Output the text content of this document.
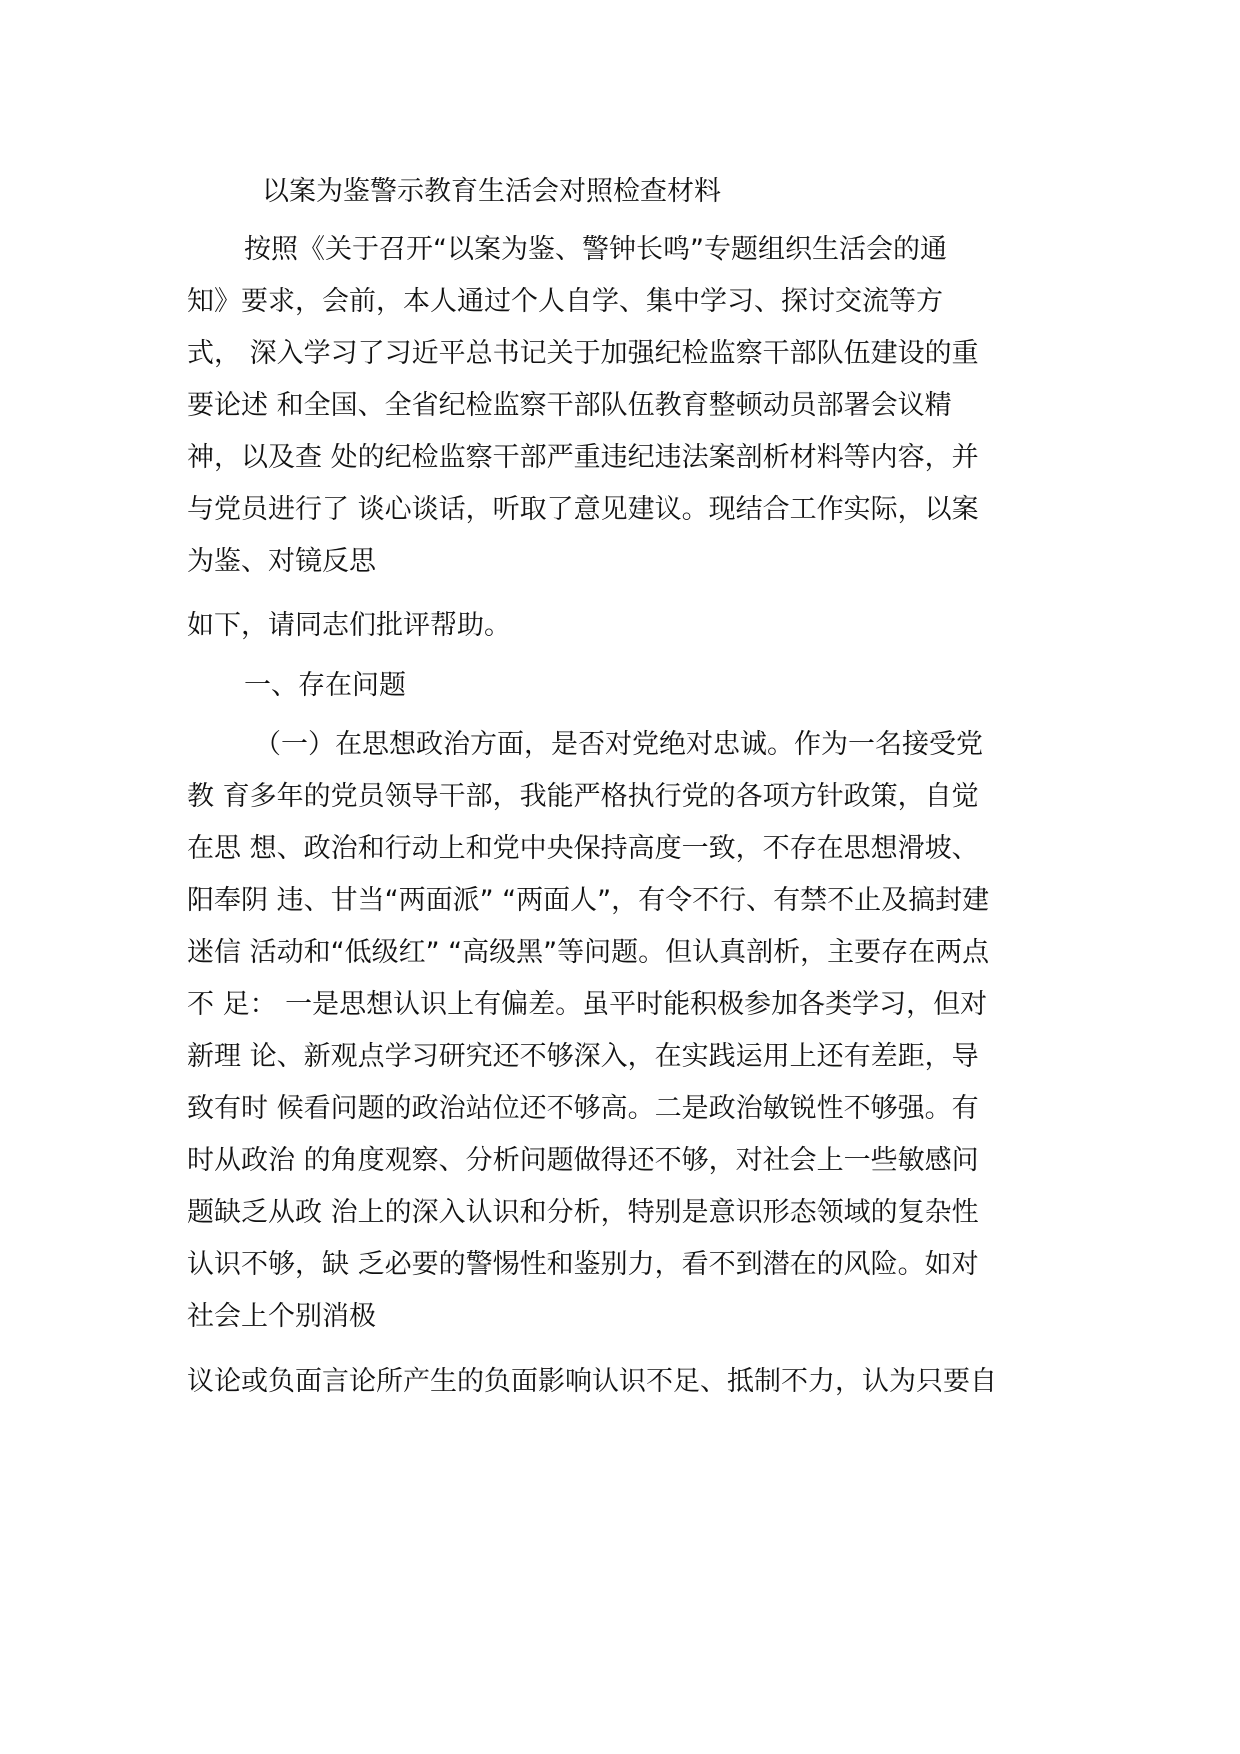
以案为鉴警示教育生活会对照检查材料

按照《关于召开“以案为鉴、警钟长鸣”专题组织生活会的通

知》要求，会前，本人通过个人自学、集中学习、探讨交流等方

式， 深入学习了习近平总书记关于加强纪检监察干部队伍建设的重

要论述 和全国、全省纪检监察干部队伍教育整顿动员部署会议精

神，以及查 处的纪检监察干部严重违纪违法案剖析材料等内容，并

与党员进行了 谈心谈话，听取了意见建议。现结合工作实际，以案

为鉴、对镜反思

如下，请同志们批评帮助。

一、存在问题

（一）在思想政治方面，是否对党绝对忠诚。作为一名接受党

教 育多年的党员领导干部，我能严格执行党的各项方针政策，自觉

在思 想、政治和行动上和党中央保持高度一致，不存在思想滑坡、

阳奉阴 违、甘当“两面派” “两面人”，有令不行、有禁不止及搞封建

迷信 活动和“低级红” “高级黑”等问题。但认真剖析，主要存在两点

不 足： 一是思想认识上有偏差。虽平时能积极参加各类学习，但对

新理 论、新观点学习研究还不够深入，在实践运用上还有差距，导

致有时 候看问题的政治站位还不够高。二是政治敏锐性不够强。有

时从政治 的角度观察、分析问题做得还不够，对社会上一些敏感问

题缺乏从政 治上的深入认识和分析，特别是意识形态领域的复杂性

认识不够，缺 乏必要的警惕性和鉴别力，看不到潜在的风险。如对

社会上个别消极

议论或负面言论所产生的负面影响认识不足、抵制不力，认为只要自
